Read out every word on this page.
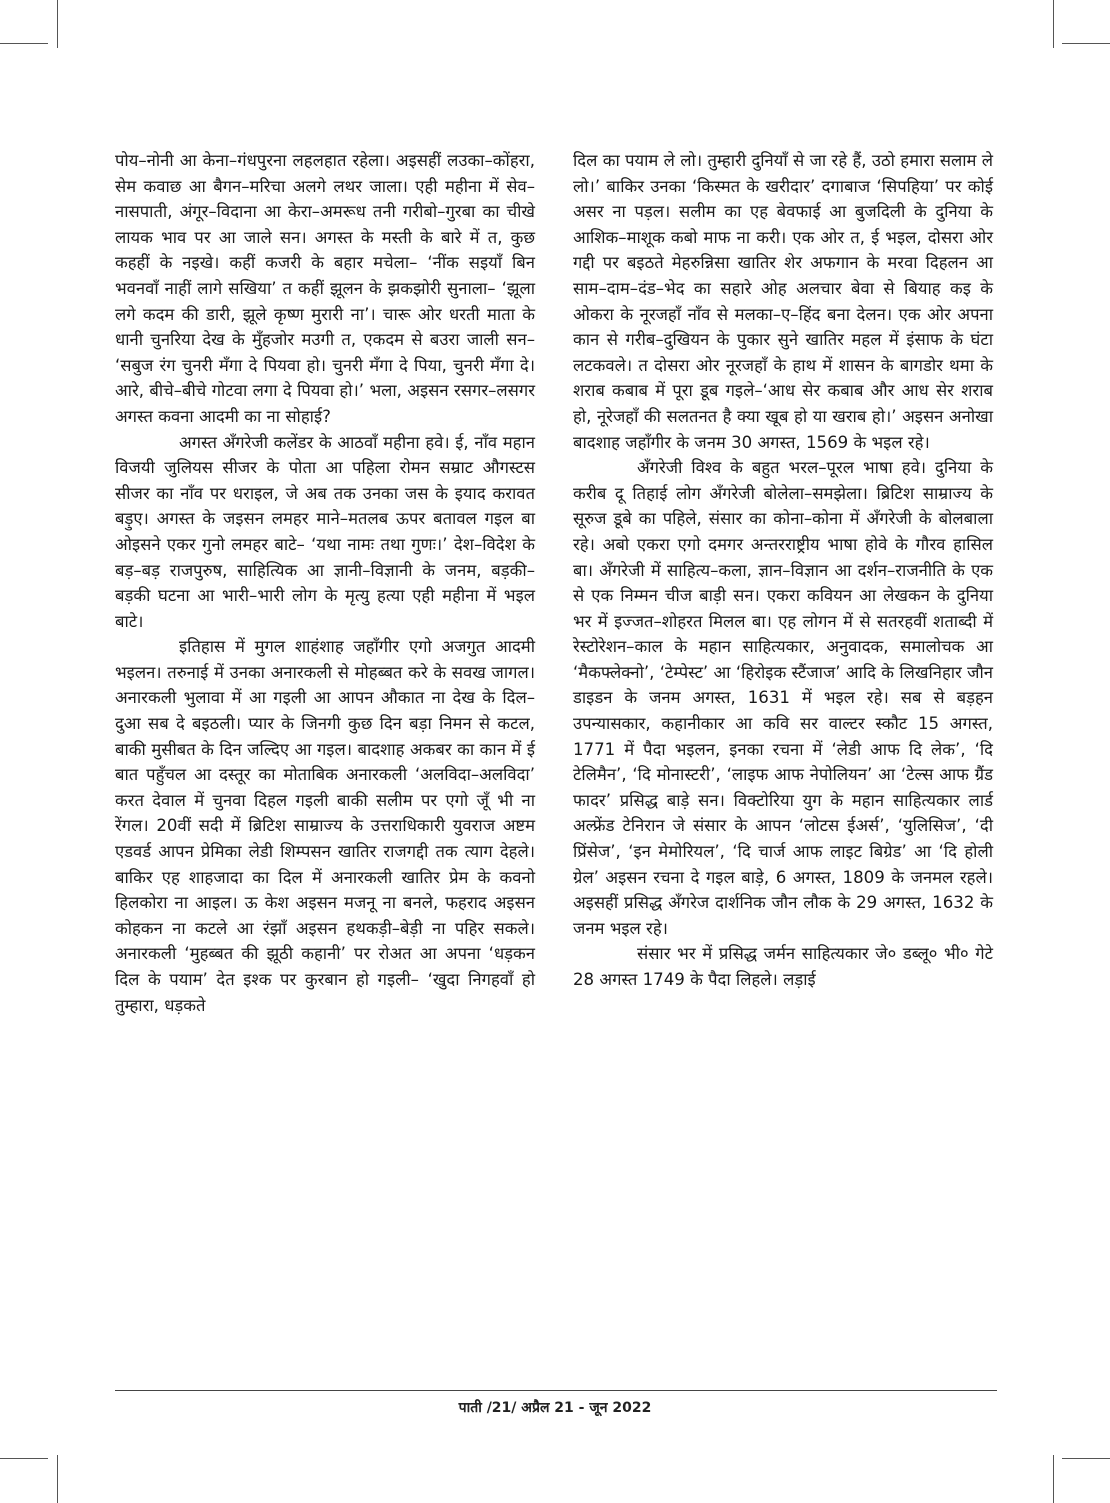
पोय–नोनी आ केना–गंधपुरना लहलहात रहेला। अइसहीं लउका–कोंहरा, सेम कवाछ आ बैगन–मरिचा अलगे लथर जाला। एही महीना में सेव–नासपाती, अंगूर–विदाना आ केरा–अमरूध तनी गरीबो–गुरबा का चीखे लायक भाव पर आ जाले सन। अगस्त के मस्ती के बारे में त, कुछ कहहीं के नइखे। कहीं कजरी के बहार मचेला– ‘नींक सइयाँ बिन भवनवाँ नाहीं लागे सखिया’ त कहीं झूलन के झकझोरी सुनाला– ‘झूला लगे कदम की डारी, झूले कृष्ण मुरारी ना’। चारू ओर धरती माता के धानी चुनरिया देख के मुँहजोर मउगी त, एकदम से बउरा जाली सन– ‘सबुज रंग चुनरी मँगा दे पियवा हो। चुनरी मँगा दे पिया, चुनरी मँगा दे। आरे, बीचे–बीचे गोटवा लगा दे पियवा हो।’ भला, अइसन रसगर–लसगर अगस्त कवना आदमी का ना सोहाई?

अगस्त अँगरेजी कलेंडर के आठवाँ महीना हवे। ई, नाँव महान विजयी जुलियस सीजर के पोता आ पहिला रोमन सम्राट औगस्टस सीजर का नाँव पर धराइल, जे अब तक उनका जस के इयाद करावत बड़ुए। अगस्त के जइसन लमहर माने–मतलब ऊपर बतावल गइल बा ओइसने एकर गुनो लमहर बाटे– ‘यथा नामः तथा गुणः।’ देश–विदेश के बड़–बड़ राजपुरुष, साहित्यिक आ ज्ञानी–विज्ञानी के जनम, बड़की–बड़की घटना आ भारी–भारी लोग के मृत्यु हत्या एही महीना में भइल बाटे।

इतिहास में मुगल शाहंशाह जहाँगीर एगो अजगुत आदमी भइलन। तरुनाई में उनका अनारकली से मोहब्बत करे के सवख जागल। अनारकली भुलावा में आ गइली आ आपन औकात ना देख के दिल–दुआ सब दे बइठली। प्यार के जिनगी कुछ दिन बड़ा निमन से कटल, बाकी मुसीबत के दिन जल्दिए आ गइल। बादशाह अकबर का कान में ई बात पहुँचल आ दस्तूर का मोताबिक अनारकली ‘अलविदा–अलविदा’ करत देवाल में चुनवा दिहल गइली बाकी सलीम पर एगो जूँ भी ना रेंगल। 20वीं सदी में ब्रिटिश साम्राज्य के उत्तराधिकारी युवराज अष्टम एडवर्ड आपन प्रेमिका लेडी शिम्पसन खातिर राजगद्दी तक त्याग देहले। बाकिर एह शाहजादा का दिल में अनारकली खातिर प्रेम के कवनो हिलकोरा ना आइल। ऊ केश अइसन मजनू ना बनले, फहराद अइसन कोहकन ना कटले आ रंझाँ अइसन हथकड़ी–बेड़ी ना पहिर सकले। अनारकली ‘मुहब्बत की झूठी कहानी’ पर रोअत आ अपना ‘धड़कन दिल के पयाम’ देत इश्क पर कुरबान हो गइली– ‘खुदा निगहवाँ हो तुम्हारा, धड़कते

दिल का पयाम ले लो। तुम्हारी दुनियाँ से जा रहे हैं, उठो हमारा सलाम ले लो।’ बाकिर उनका ‘किस्मत के खरीदार’ दगाबाज ‘सिपहिया’ पर कोई असर ना पड़ल। सलीम का एह बेवफाई आ बुजदिली के दुनिया के आशिक–माशूक कबो माफ ना करी। एक ओर त, ई भइल, दोसरा ओर गद्दी पर बइठते मेहरुन्निसा खातिर शेर अफगान के मरवा दिहलन आ साम–दाम–दंड–भेद का सहारे ओह अलचार बेवा से बियाह कइ के ओकरा के नूरजहाँ नाँव से मलका–ए–हिंद बना देलन। एक ओर अपना कान से गरीब–दुखियन के पुकार सुने खातिर महल में इंसाफ के घंटा लटकवले। त दोसरा ओर नूरजहाँ के हाथ में शासन के बागडोर थमा के शराब कबाब में पूरा डूब गइले–‘आध सेर कबाब और आध सेर शराब हो, नूरेजहाँ की सलतनत है क्या खूब हो या खराब हो।’ अइसन अनोखा बादशाह जहाँगीर के जनम 30 अगस्त, 1569 के भइल रहे।

अँगरेजी विश्व के बहुत भरल–पूरल भाषा हवे। दुनिया के करीब दू तिहाई लोग अँगरेजी बोलेला–समझेला। ब्रिटिश साम्राज्य के सूरुज डूबे का पहिले, संसार का कोना–कोना में अँगरेजी के बोलबाला रहे। अबो एकरा एगो दमगर अन्तरराष्ट्रीय भाषा होवे के गौरव हासिल बा। अँगरेजी में साहित्य–कला, ज्ञान–विज्ञान आ दर्शन–राजनीति के एक से एक निम्मन चीज बाड़ी सन। एकरा कवियन आ लेखकन के दुनिया भर में इज्जत–शोहरत मिलल बा। एह लोगन में से सतरहवीं शताब्दी में रेस्टोरेशन–काल के महान साहित्यकार, अनुवादक, समालोचक आ ‘मैकफ्लेक्नो’, ‘टेम्पेस्ट’ आ ‘हिरोइक स्टैंजाज’ आदि के लिखनिहार जौन डाइडन के जनम अगस्त, 1631 में भइल रहे। सब से बड़हन उपन्यासकार, कहानीकार आ कवि सर वाल्टर स्कौट 15 अगस्त, 1771 में पैदा भइलन, इनका रचना में ‘लेडी आफ दि लेक’, ‘दि टेलिमैन’, ‘दि मोनास्टरी’, ‘लाइफ आफ नेपोलियन’ आ ‘टेल्स आफ ग्रैंड फादर’ प्रसिद्ध बाड़े सन। विक्टोरिया युग के महान साहित्यकार लार्ड अल्फ्रेंड टेनिरान जे संसार के आपन ‘लोटस ईअर्स’, ‘युलिसिज’, ‘दी प्रिंसेज’, ‘इन मेमोरियल’, ‘दि चार्ज आफ लाइट बिग्रेड’ आ ‘दि होली ग्रेल’ अइसन रचना दे गइल बाड़े, 6 अगस्त, 1809 के जनमल रहले। अइसहीं प्रसिद्ध अँगरेज दार्शनिक जौन लौक के 29 अगस्त, 1632 के जनम भइल रहे।

संसार भर में प्रसिद्ध जर्मन साहित्यकार जे० डब्लू० भी० गेटे 28 अगस्त 1749 के पैदा लिहले। लड़ाई

पाती /21/ अप्रैल 21 - जून 2022
